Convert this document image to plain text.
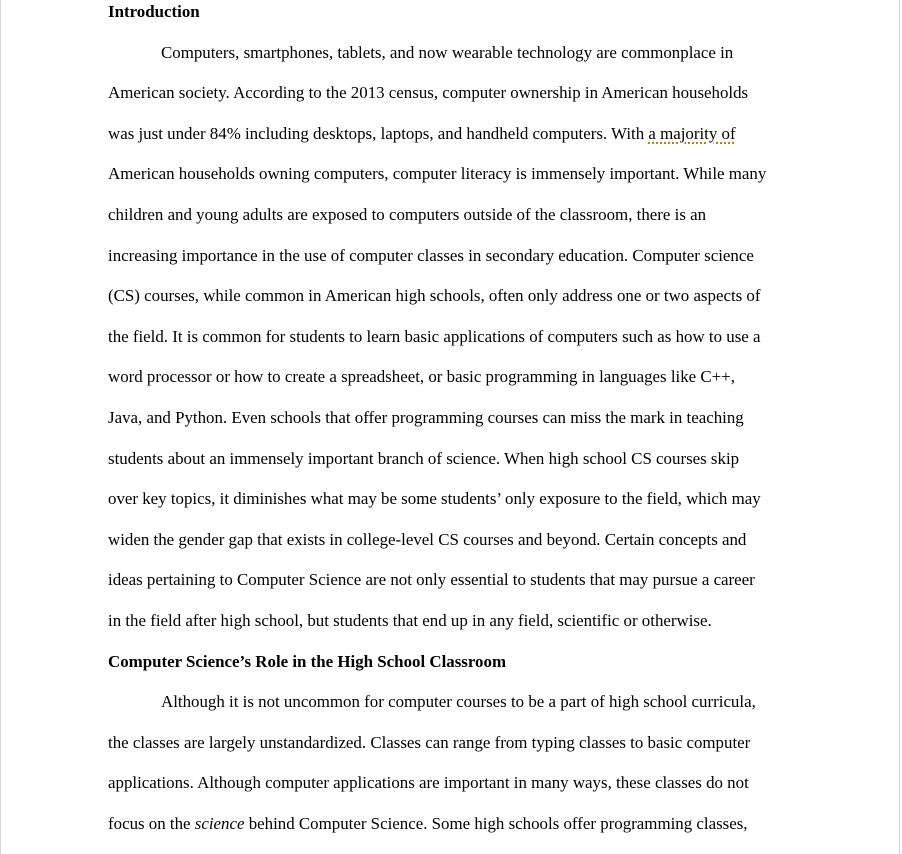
Introduction
Computers, smartphones, tablets, and now wearable technology are commonplace in
American society. According to the 2013 census, computer ownership in American households
was just under 84% including desktops, laptops, and handheld computers. With a majority of
American households owning computers, computer literacy is immensely important. While many
children and young adults are exposed to computers outside of the classroom, there is an
increasing importance in the use of computer classes in secondary education. Computer science
(CS) courses, while common in American high schools, often only address one or two aspects of
the field. It is common for students to learn basic applications of computers such as how to use a
word processor or how to create a spreadsheet, or basic programming in languages like C++,
Java, and Python. Even schools that offer programming courses can miss the mark in teaching
students about an immensely important branch of science. When high school CS courses skip
over key topics, it diminishes what may be some students’ only exposure to the field, which may
widen the gender gap that exists in college-level CS courses and beyond. Certain concepts and
ideas pertaining to Computer Science are not only essential to students that may pursue a career
in the field after high school, but students that end up in any field, scientific or otherwise.
Computer Science’s Role in the High School Classroom
Although it is not uncommon for computer courses to be a part of high school curricula,
the classes are largely unstandardized. Classes can range from typing classes to basic computer
applications. Although computer applications are important in many ways, these classes do not
focus on the science behind Computer Science. Some high schools offer programming classes,
